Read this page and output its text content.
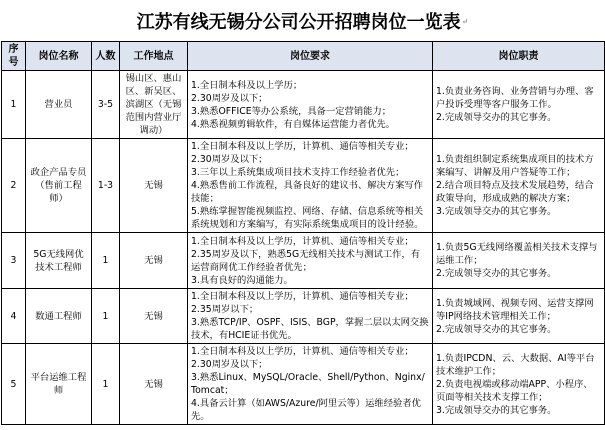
江苏有线无锡分公司公开招聘岗位一览表 ↵
序号	岗位名称	人数	工作地点	岗位要求	岗位职责
1	营业员	3-5	锡山区、惠山区、新吴区、滨湖区（无锡范围内营业厅调动）	1.全日制本科及以上学历；
2.30周岁及以下；
3.熟悉OFFICE等办公系统，具备一定营销能力；
4.熟悉视频剪辑软件，有自媒体运营能力者优先。	1.负责业务咨询、业务营销与办理、客户投诉受理等客户服务工作。
2.完成领导交办的其它事务。
2	政企产品专员（售前工程师）	1-3	无锡	1.全日制本科及以上学历，计算机、通信等相关专业；
2.30周岁及以下；
3.三年以上系统集成项目技术支持工作经验者优先；
4.熟悉售前工作流程，具备良好的建议书、解决方案写作技能；
5.熟练掌握智能视频监控、网络、存储、信息系统等相关系统规划和方案编写，有实际系统集成项目的设计经验。	1.负责组织制定系统集成项目的技术方案编写、讲解及用户答疑等工作；
2.结合项目特点及技术发展趋势，结合政策导向，形成成熟的解决方案；
3.完成领导交办的其它事务。
3	5G无线网优技术工程师	1	无锡	1.全日制本科及以上学历，计算机、通信等相关专业；
2.35周岁及以下，熟悉5G无线相关技术与测试工作，有运营商网优工作经验者优先；
3.具有良好的沟通能力。	1.负责5G无线网络覆盖相关技术支撑与运维工作；
2.完成领导交办的其它事务。
4	数通工程师	1	无锡	1.全日制本科及以上学历，计算机、通信等相关专业；
2.35周岁以下；
3.熟悉TCP/IP、OSPF、ISIS、BGP，掌握二层以太网交换技术，有HCIE证书优先。	1.负责城域网、视频专网、运营支撑网等IP网络技术管理相关工作；
2.完成领导交办的其它事务。
5	平台运维工程师	1	无锡	1.全日制本科及以上学历，计算机、通信等相关专业；
2.30周岁及以下；
3.熟悉Linux、MySQL/Oracle、Shell/Python、Nginx/Tomcat；
4.具备云计算（如AWS/Azure/阿里云等）运维经验者优先。	1.负责IPCDN、云、大数据、AI等平台技术维护工作；
2.负责电视端或移动端APP、小程序、页面等相关技术支撑工作；
3.完成领导交办的其它事务。
